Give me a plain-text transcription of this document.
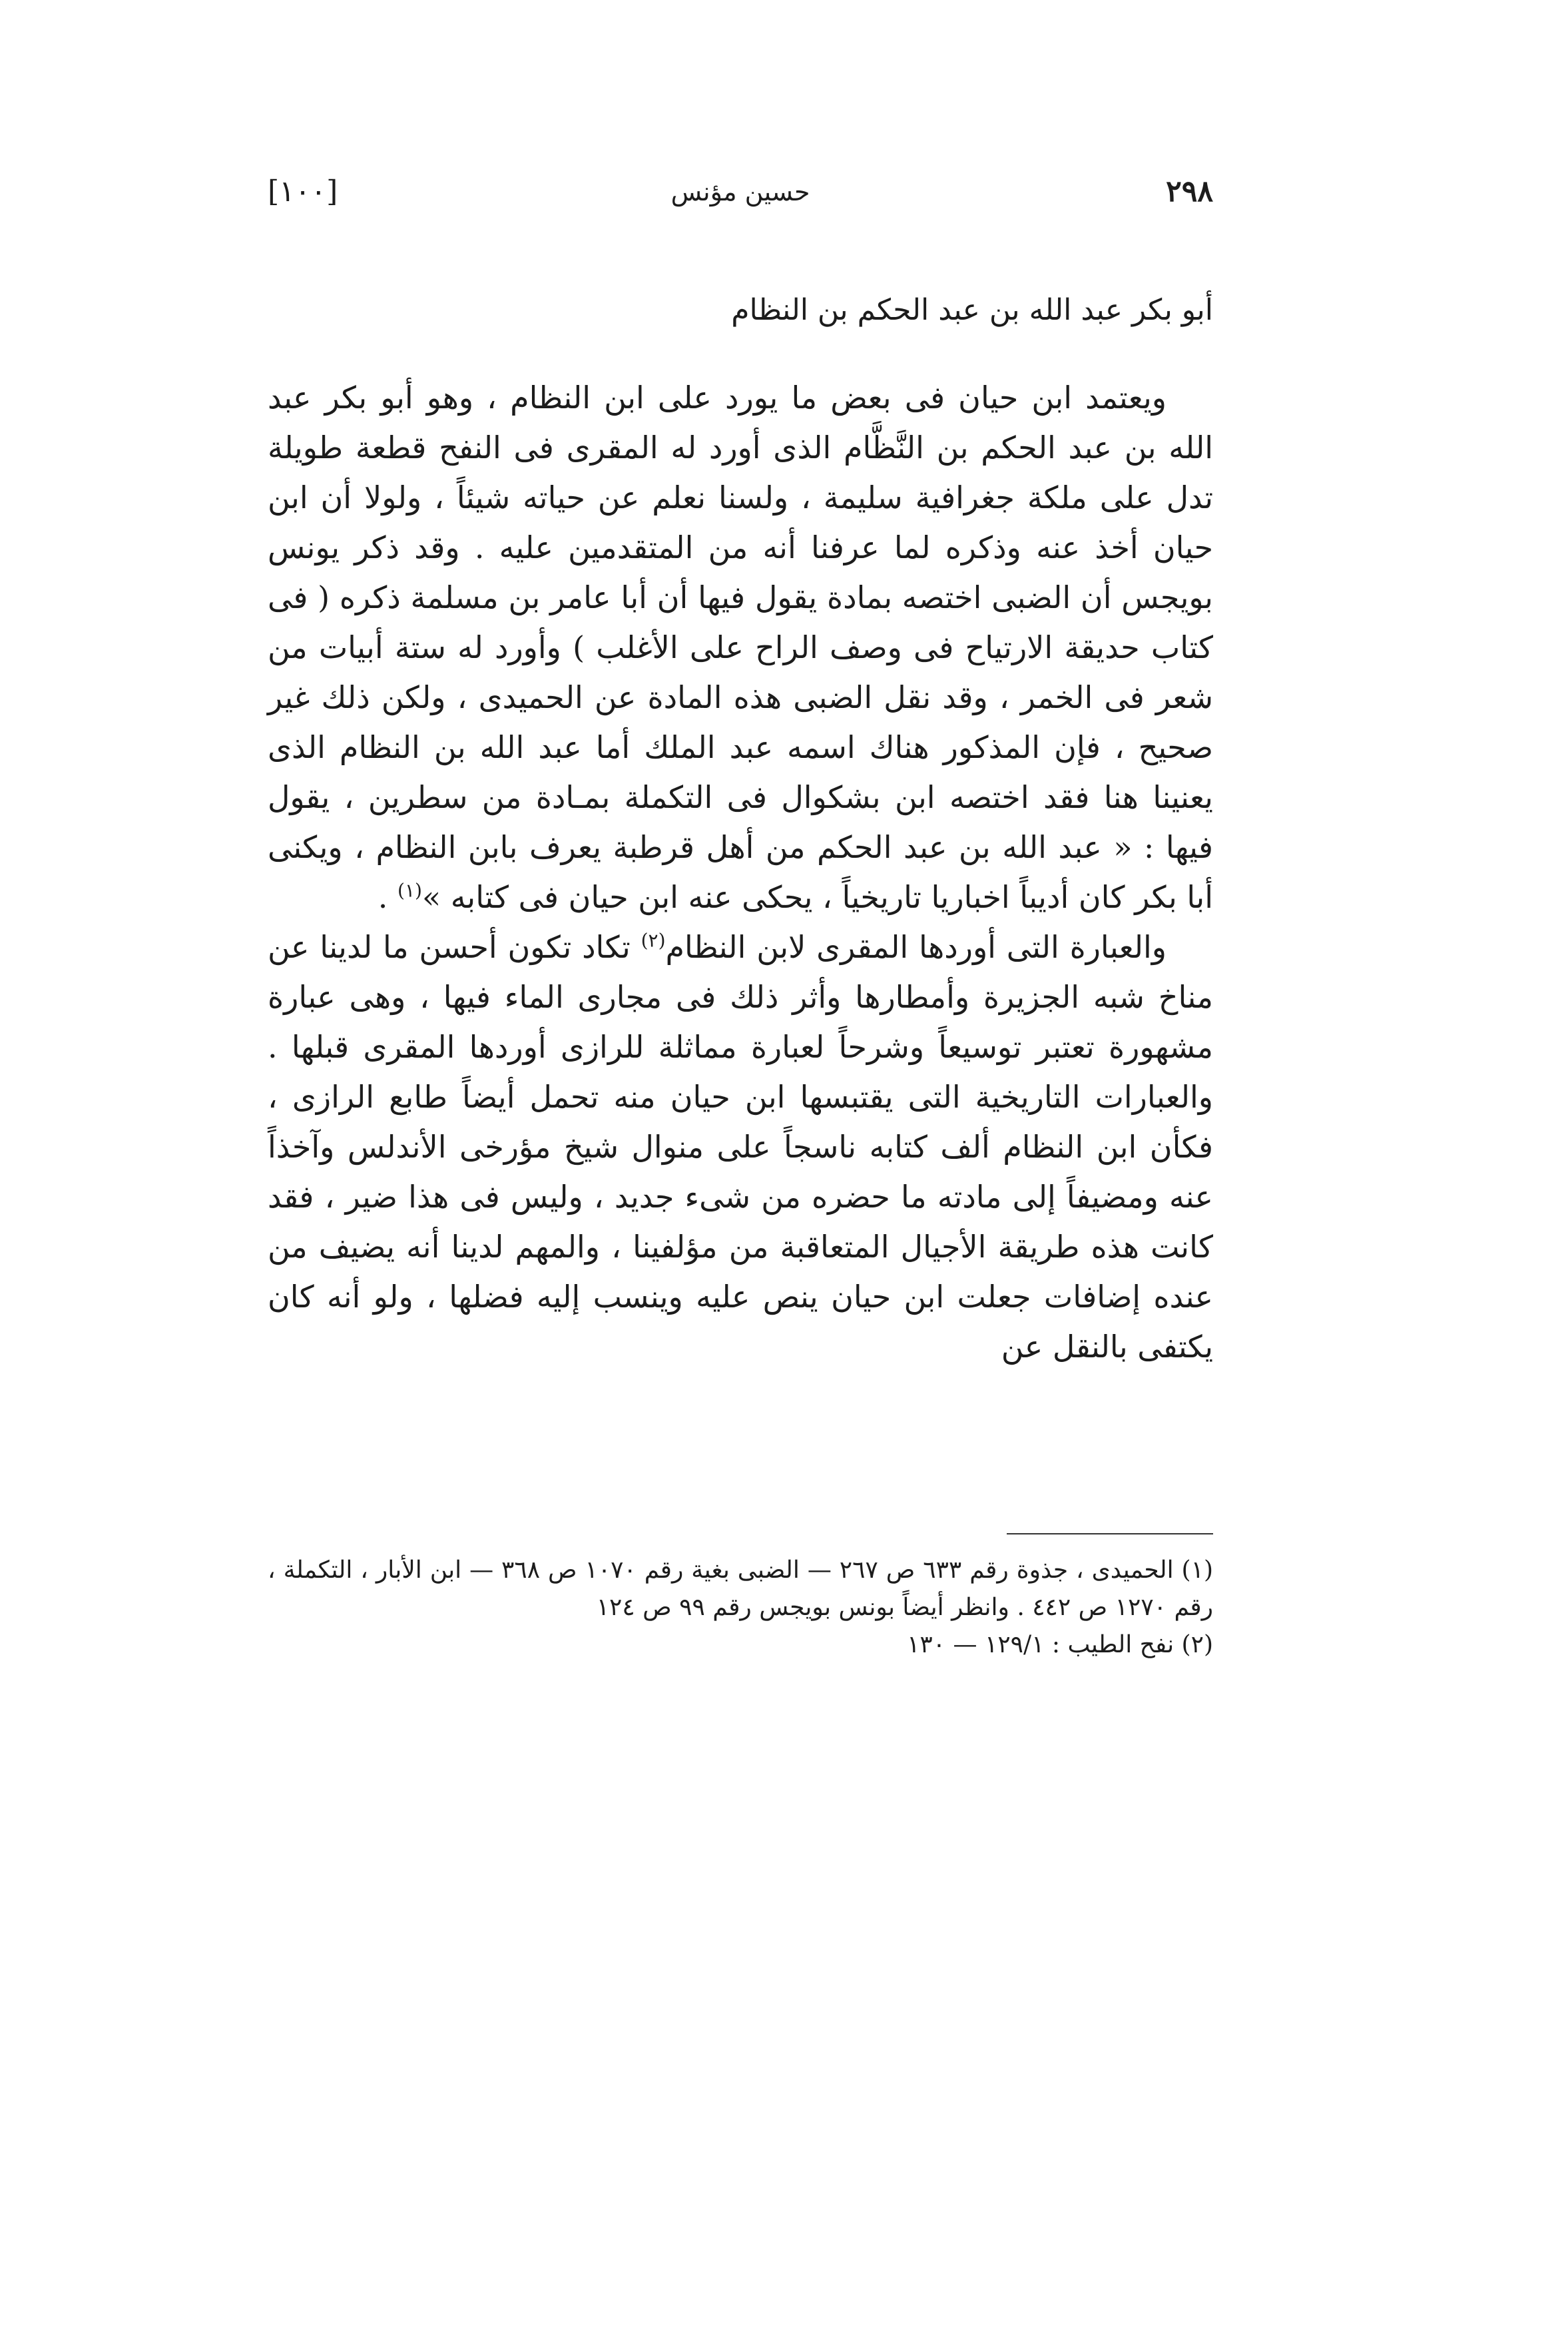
[١٠٠]	حسين مؤنس	٢٩٨
أبو بكر عبد الله بن عبد الحكم بن النظام

ويعتمد ابن حيان فى بعض ما يورد على ابن النظام ، وهو أبو بكر عبد الله بن عبد الحكم بن النَّظَّام الذى أورد له المقرى فى النفح قطعة طويلة تدل على ملكة جغرافية سليمة ، ولسنا نعلم عن حياته شيئاً ، ولولا أن ابن حيان أخذ عنه وذكره لما عرفنا أنه من المتقدمين عليه . وقد ذكر يونس بويجس أن الضبى اختصه بمادة يقول فيها أن أبا عامر بن مسلمة ذكره ( فى كتاب حديقة الارتياح فى وصف الراح على الأغلب ) وأورد له ستة أبيات من شعر فى الخمر ، وقد نقل الضبى هذه المادة عن الحميدى ، ولكن ذلك غير صحيح ، فإن المذكور هناك اسمه عبد الملك أما عبد الله بن النظام الذى يعنينا هنا فقد اختصه ابن بشكوال فى التكملة بمـادة من سطرين ، يقول فيها : « عبد الله بن عبد الحكم من أهل قرطبة يعرف بابن النظام ، ويكنى أبا بكر كان أديباً اخباريا تاريخياً ، يحكى عنه ابن حيان فى كتابه »$^{(١)}$ .

والعبارة التى أوردها المقرى لابن النظام$^{(٢)}$ تكاد تكون أحسن ما لدينا عن مناخ شبه الجزيرة وأمطارها وأثر ذلك فى مجارى الماء فيها ، وهى عبارة مشهورة تعتبر توسيعاً وشرحاً لعبارة مماثلة للرازى أوردها المقرى قبلها . والعبارات التاريخية التى يقتبسها ابن حيان منه تحمل أيضاً طابع الرازى ، فكأن ابن النظام ألف كتابه ناسجاً على منوال شيخ مؤرخى الأندلس وآخذاً عنه ومضيفاً إلى مادته ما حضره من شىء جديد ، وليس فى هذا ضير ، فقد كانت هذه طريقة الأجيال المتعاقبة من مؤلفينا ، والمهم لدينا أنه يضيف من عنده إضافات جعلت ابن حيان ينص عليه وينسب إليه فضلها ، ولو أنه كان يكتفى بالنقل عن

(١) الحميدى ، جذوة رقم ٦٣٣ ص ٢٦٧ — الضبى بغية رقم ١٠٧٠ ص ٣٦٨ — ابن الأبار ، التكملة ، رقم ١٢٧٠ ص ٤٤٢ . وانظر أيضاً بونس بويجس رقم ٩٩ ص ١٢٤

(٢) نفح الطيب : ١٢٩/١ — ١٣٠
